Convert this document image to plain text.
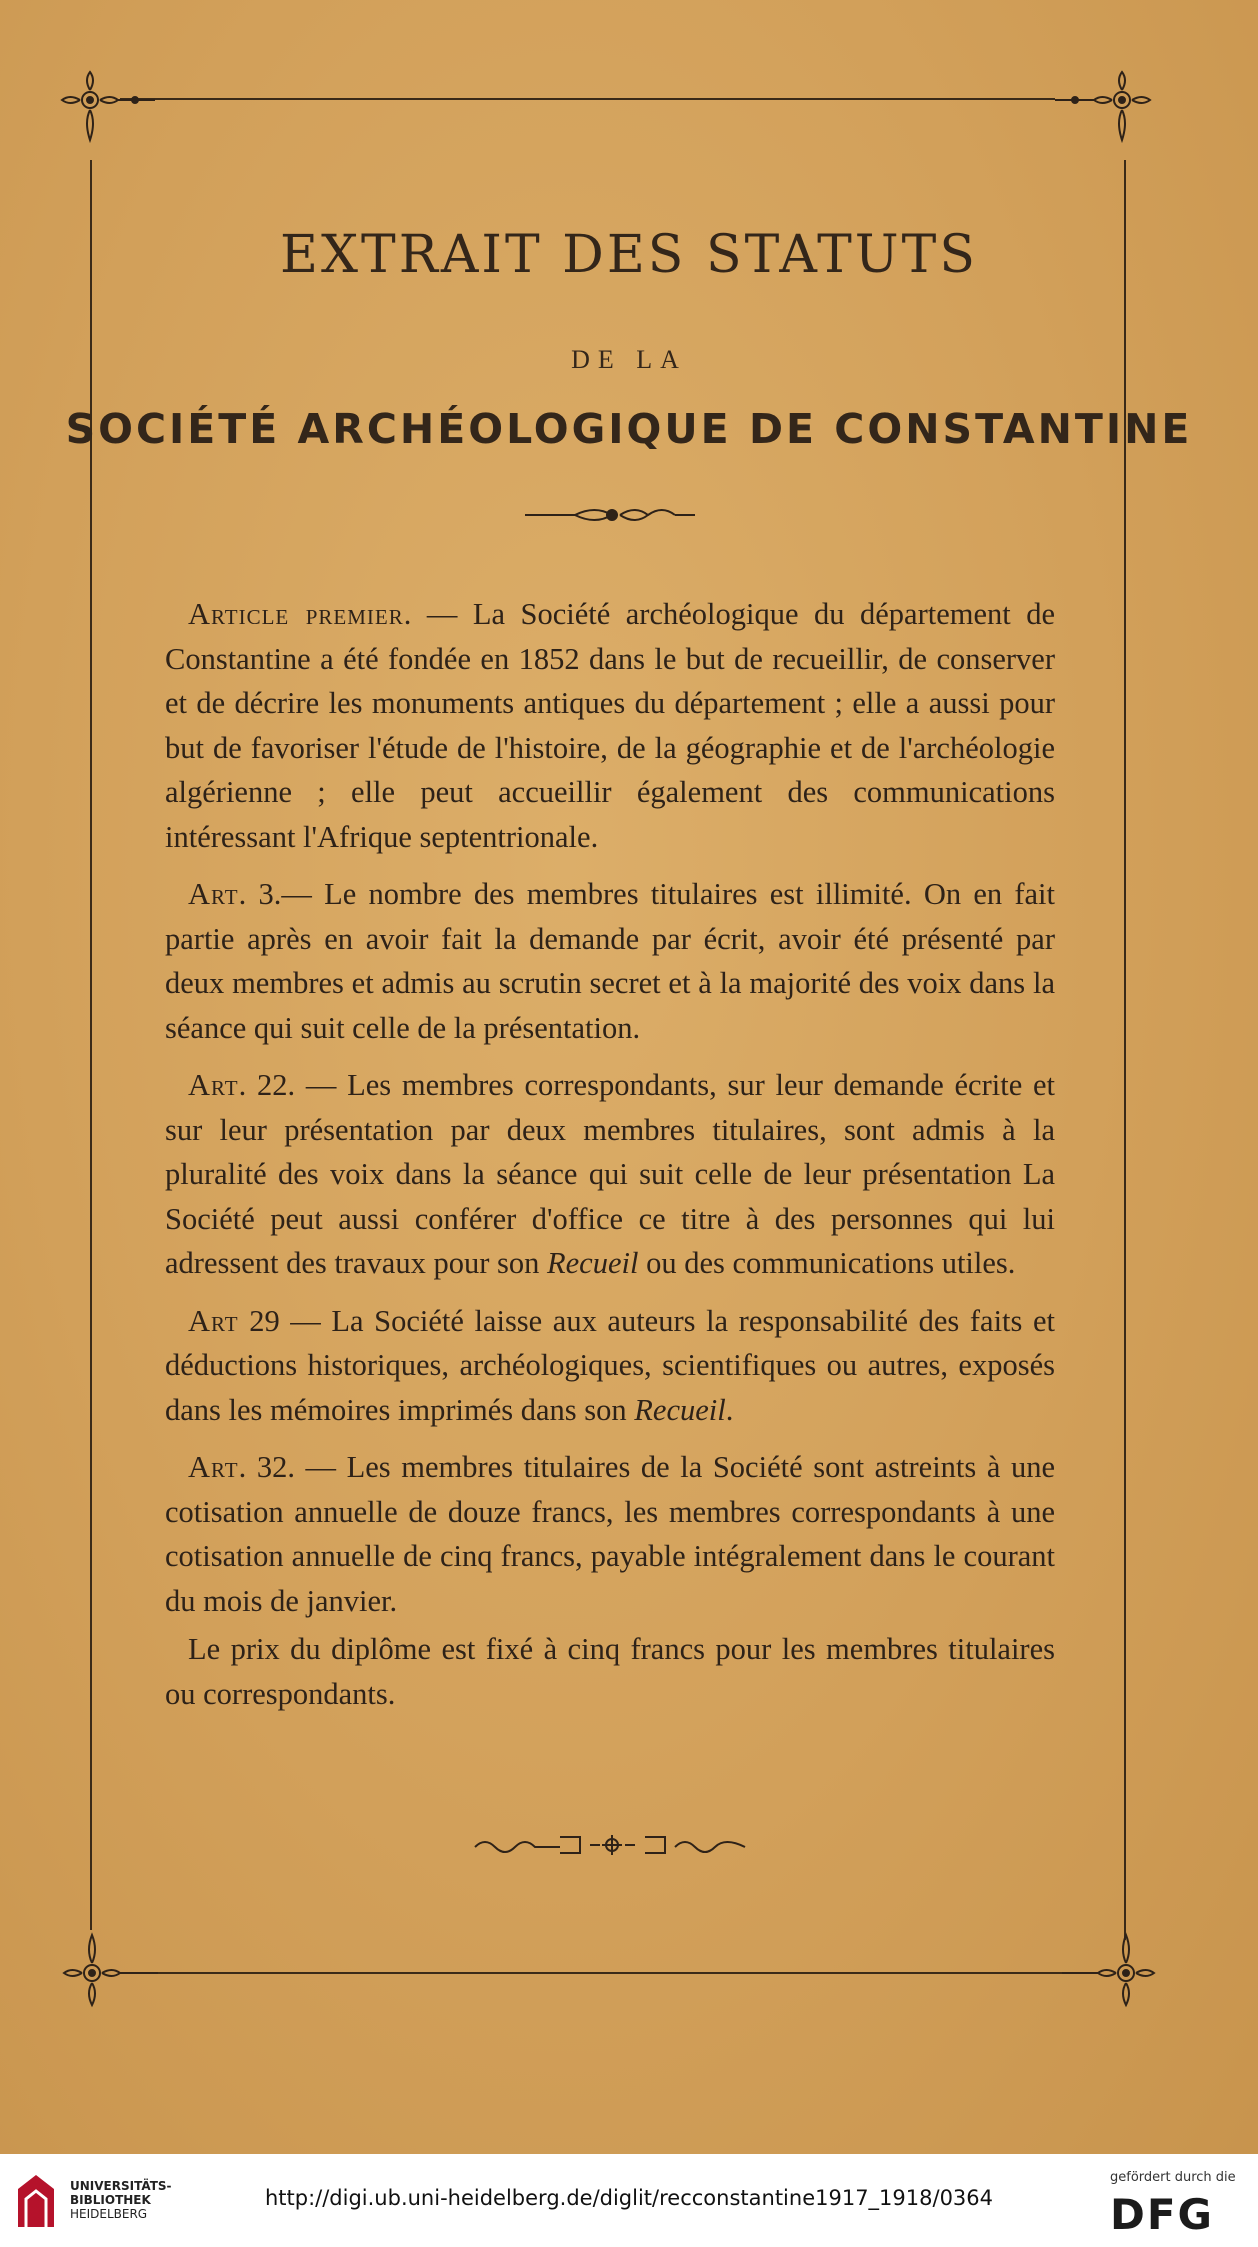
EXTRAIT DES STATUTS
DE LA
SOCIÉTÉ ARCHÉOLOGIQUE DE CONSTANTINE

Article premier. — La Société archéologique du département de Constantine a été fondée en 1852 dans le but de recueillir, de conserver et de décrire les monuments antiques du département ; elle a aussi pour but de favoriser l'étude de l'histoire, de la géographie et de l'archéologie algérienne ; elle peut accueillir également des communications intéressant l'Afrique septentrionale.

Art. 3.— Le nombre des membres titulaires est illimité. On en fait partie après en avoir fait la demande par écrit, avoir été présenté par deux membres et admis au scrutin secret et à la majorité des voix dans la séance qui suit celle de la présentation.

Art. 22. — Les membres correspondants, sur leur demande écrite et sur leur présentation par deux membres titulaires, sont admis à la pluralité des voix dans la séance qui suit celle de leur présentation La Société peut aussi conférer d'office ce titre à des personnes qui lui adressent des travaux pour son Recueil ou des communications utiles.

Art 29 — La Société laisse aux auteurs la responsabilité des faits et déductions historiques, archéologiques, scientifiques ou autres, exposés dans les mémoires imprimés dans son Recueil.

Art. 32. — Les membres titulaires de la Société sont astreints à une cotisation annuelle de douze francs, les membres correspondants à une cotisation annuelle de cinq francs, payable intégralement dans le courant du mois de janvier.

Le prix du diplôme est fixé à cinq francs pour les membres titulaires ou correspondants.

UNIVERSITÄTS-
BIBLIOTHEK
HEIDELBERG
http://digi.ub.uni-heidelberg.de/diglit/recconstantine1917_1918/0364
gefördert durch die
DFG
